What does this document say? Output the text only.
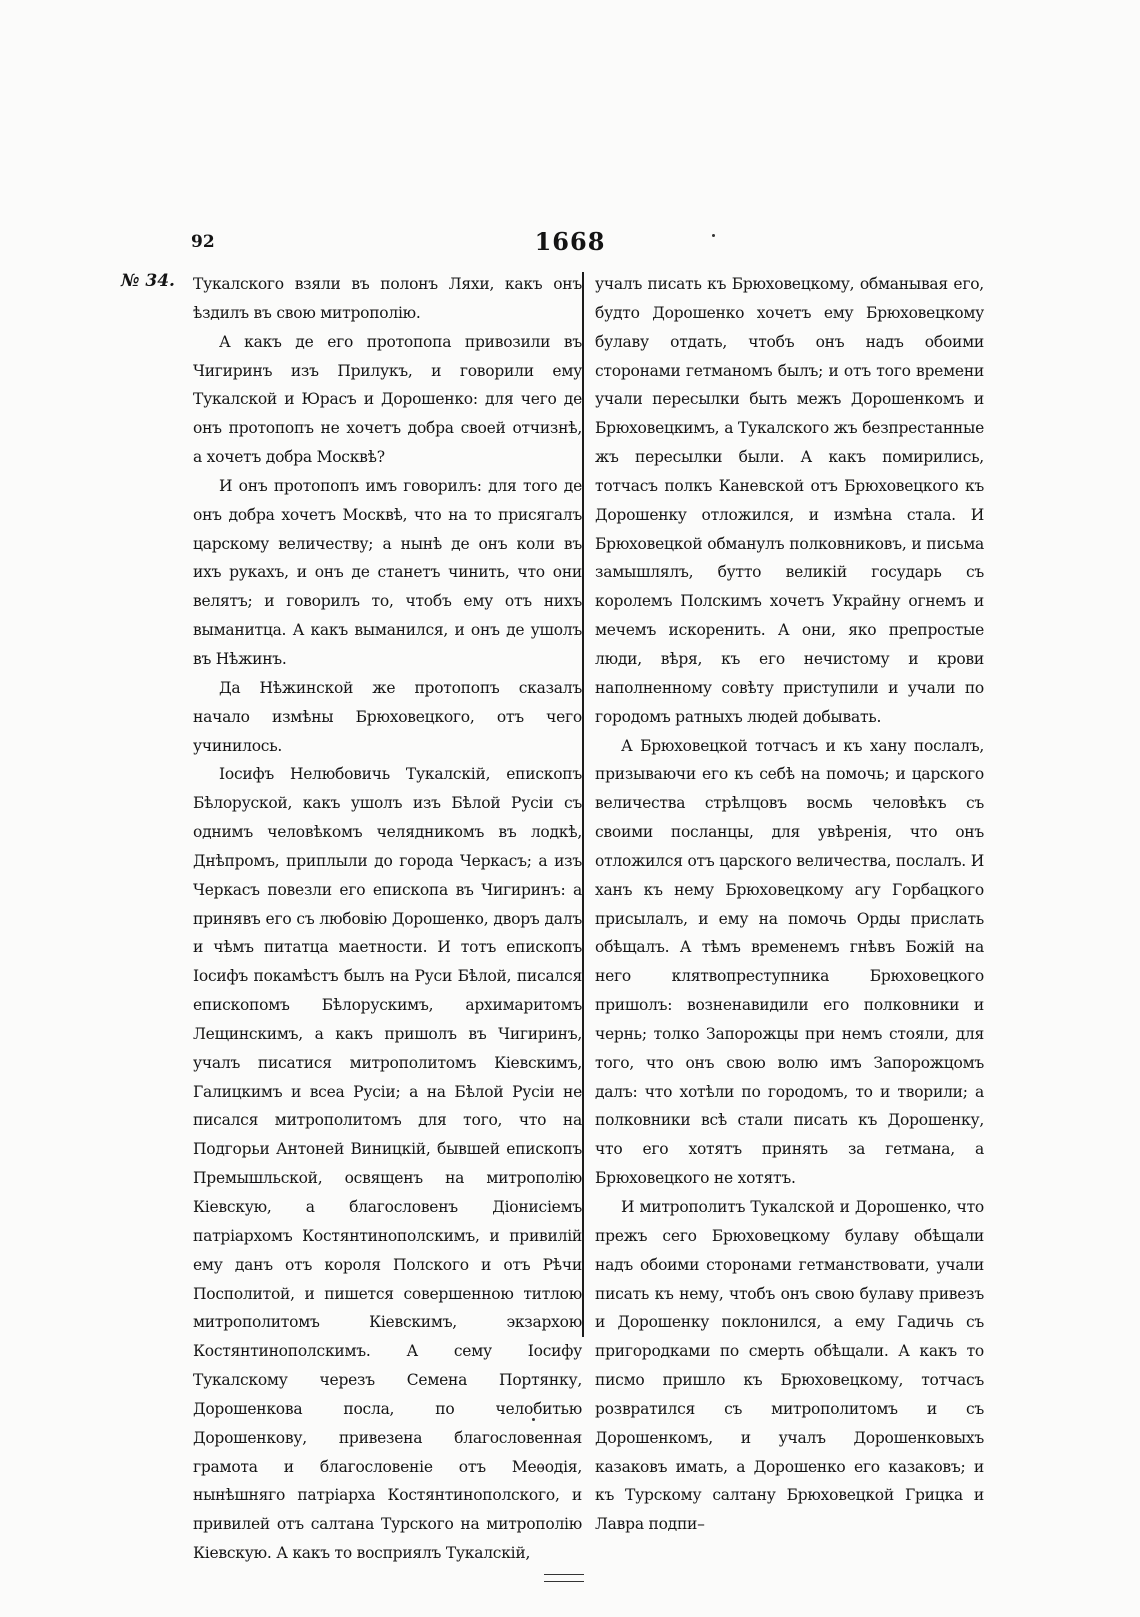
92	1668
№ 34. Тукалского взяли въ полонъ Ляхи, какъ онъ ѣздилъ въ свою митрополію.

А какъ де его протопопа привозили въ Чигиринъ изъ Прилукъ, и говорили ему Тукалской и Юрасъ и Дорошенко: для чего де онъ протопопъ не хочетъ добра своей отчизнѣ, а хочетъ добра Москвѣ?

И онъ протопопъ имъ говорилъ: для того де онъ добра хочетъ Москвѣ, что на то присягалъ царскому величеству; а нынѣ де онъ коли въ ихъ рукахъ, и онъ де станетъ чинить, что они велятъ; и говорилъ то, чтобъ ему отъ нихъ выманитца. А какъ выманился, и онъ де ушолъ въ Нѣжинъ.

Да Нѣжинской же протопопъ сказалъ начало измѣны Брюховецкого, отъ чего учинилось.

Іосифъ Нелюбовичь Тукалскій, епископъ Бѣлоруской, какъ ушолъ изъ Бѣлой Русіи съ однимъ человѣкомъ челядникомъ въ лодкѣ, Днѣпромъ, приплыли до города Черкасъ; а изъ Черкасъ повезли его епископа въ Чигиринъ: а принявъ его съ любовію Дорошенко, дворъ далъ и чѣмъ питатца маетности. И тотъ епископъ Іосифъ покамѣстъ былъ на Руси Бѣлой, писался епископомъ Бѣлорускимъ, архимаритомъ Лещинскимъ, а какъ пришолъ въ Чигиринъ, учалъ писатися митрополитомъ Кіевскимъ, Галицкимъ и всеа Русіи; а на Бѣлой Русіи не писался митрополитомъ для того, что на Подгорьи Антоней Виницкій, бывшей епископъ Премышльской, освященъ на митрополію Кіевскую, а благословенъ Діонисіемъ патріархомъ Костянтинополскимъ, и привилій ему данъ отъ короля Полского и отъ Рѣчи Посполитой, и пишется совершенною титлою митрополитомъ Кіевскимъ, экзархою Костянтинополскимъ. А сему Іосифу Тукалскому черезъ Семена Портянку, Дорошенкова посла, по челобитью Дорошенкову, привезена благословенная грамота и благословеніе отъ Меѳодія, нынѣшняго патріарха Костянтинополского, и привилей отъ салтана Турского на митрополію Кіевскую. А какъ то восприялъ Тукалскій,

учалъ писать къ Брюховецкому, обманывая его, будто Дорошенко хочетъ ему Брюховецкому булаву отдать, чтобъ онъ надъ обоими сторонами гетманомъ былъ; и отъ того времени учали пересылки быть межъ Дорошенкомъ и Брюховецкимъ, а Тукалского жъ безпрестанные жъ пересылки были. А какъ помирились, тотчасъ полкъ Каневской отъ Брюховецкого къ Дорошенку отложился, и измѣна стала. И Брюховецкой обманулъ полковниковъ, и письма замышлялъ, бутто великій государь съ королемъ Полскимъ хочетъ Украйну огнемъ и мечемъ искоренить. А они, яко препростые люди, вѣря, къ его нечистому и крови наполненному совѣту приступили и учали по городомъ ратныхъ людей добывать.

А Брюховецкой тотчасъ и къ хану послалъ, призываючи его къ себѣ на помочь; и царского величества стрѣлцовъ восмь человѣкъ съ своими посланцы, для увѣренія, что онъ отложился отъ царского величества, послалъ. И ханъ къ нему Брюховецкому агу Горбацкого присылалъ, и ему на помочь Орды прислать обѣщалъ. А тѣмъ временемъ гнѣвъ Божій на него клятвопреступника Брюховецкого пришолъ: возненавидили его полковники и чернь; толко Запорожцы при немъ стояли, для того, что онъ свою волю имъ Запорожцомъ далъ: что хотѣли по городомъ, то и творили; а полковники всѣ стали писать къ Дорошенку, что его хотятъ принять за гетмана, а Брюховецкого не хотятъ.

И митрополитъ Тукалской и Дорошенко, что прежъ сего Брюховецкому булаву обѣщали надъ обоими сторонами гетманствовати, учали писать къ нему, чтобъ онъ свою булаву привезъ и Дорошенку поклонился, а ему Гадичь съ пригородками по смерть обѣщали. А какъ то писмо пришло къ Брюховецкому, тотчасъ розвратился съ митрополитомъ и съ Дорошенкомъ, и учалъ Дорошенковыхъ казаковъ имать, а Дорошенко его казаковъ; и къ Турскому салтану Брюховецкой Грицка и Лавра подпи–
